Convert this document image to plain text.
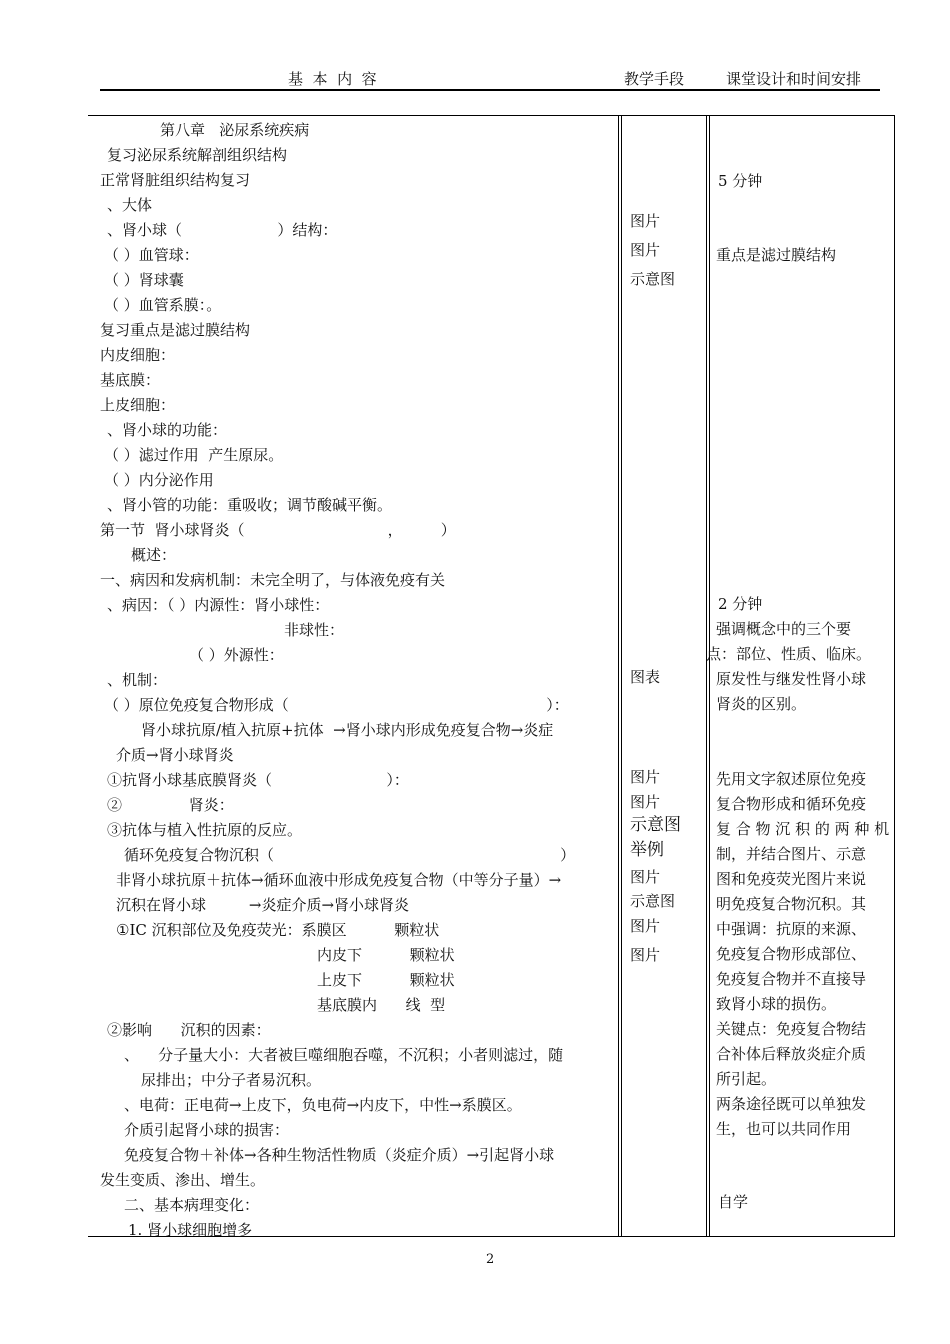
基  本  内  容	教学手段	课堂设计和时间安排
第八章   泌尿系统疾病
复习泌尿系统解剖组织结构
正常肾脏组织结构复习
、大体
、肾小球（                    ）结构：
（ ）血管球：
（ ）肾球囊
（ ）血管系膜：。
复习重点是滤过膜结构
内皮细胞：
基底膜：
上皮细胞：
、肾小球的功能：
（ ）滤过作用  产生原尿。
（ ）内分泌作用
、肾小管的功能：重吸收；调节酸碱平衡。
第一节  肾小球肾炎（                              ，        ）
概述：
一、病因和发病机制：未完全明了，与体液免疫有关
、病因：（ ）内源性：肾小球性：
非球性：
（ ）外源性：
、机制：
（ ）原位免疫复合物形成（                                                      ）：
肾小球抗原/植入抗原+抗体  →肾小球内形成免疫复合物→炎症
介质→肾小球肾炎
①抗肾小球基底膜肾炎（                        ）：
②              肾炎：
③抗体与植入性抗原的反应。
循环免疫复合物沉积（                                                            ）
非肾小球抗原＋抗体→循环血液中形成免疫复合物（中等分子量）→
沉积在肾小球         →炎症介质→肾小球肾炎
①IC 沉积部位及免疫荧光：系膜区          颗粒状
内皮下          颗粒状
上皮下          颗粒状
基底膜内      线  型
②影响      沉积的因素：
、    分子量大小：大者被巨噬细胞吞噬，不沉积；小者则滤过，随
尿排出；中分子者易沉积。
、电荷：正电荷→上皮下，负电荷→内皮下，中性→系膜区。
介质引起肾小球的损害：
免疫复合物＋补体→各种生物活性物质（炎症介质）→引起肾小球
发生变质、渗出、增生。
二、基本病理变化：
1. 肾小球细胞增多
图片
图片
示意图
图表
图片
图片
示意图
举例
图片
示意图
图片
图片
5 分钟
重点是滤过膜结构
2 分钟
强调概念中的三个要
点：部位、性质、临床。
原发性与继发性肾小球
肾炎的区别。
先用文字叙述原位免疫
复合物形成和循环免疫
复 合 物 沉 积 的 两 种 机
制，并结合图片、示意
图和免疫荧光图片来说
明免疫复合物沉积。其
中强调：抗原的来源、
免疫复合物形成部位、
免疫复合物并不直接导
致肾小球的损伤。
关键点：免疫复合物结
合补体后释放炎症介质
所引起。
两条途径既可以单独发
生，也可以共同作用
自学
2
